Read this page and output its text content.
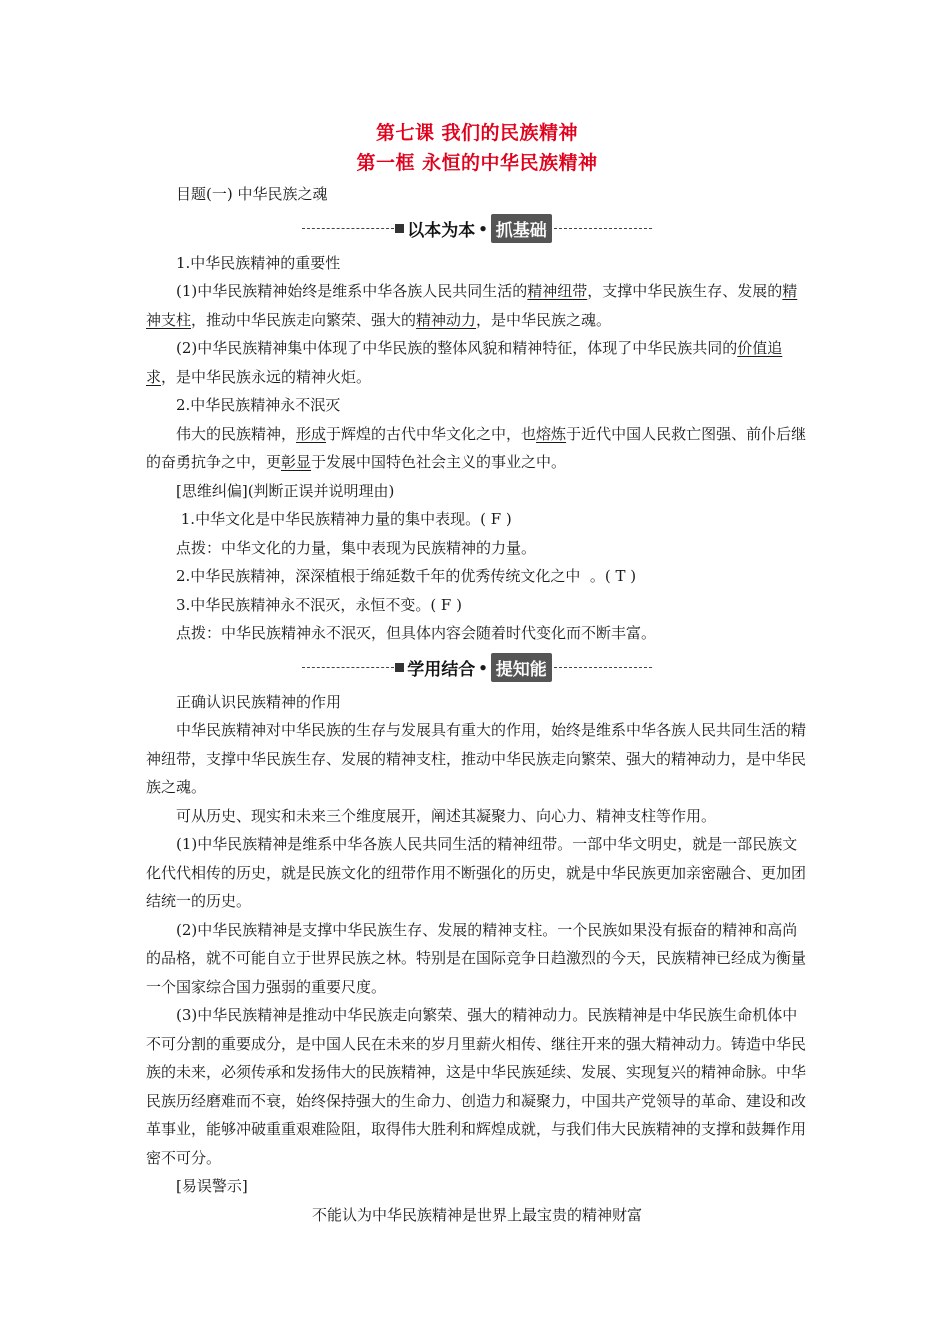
第七课 我们的民族精神
第一框 永恒的中华民族精神

目题(一) 中华民族之魂

以本为本 • 抓基础

1.中华民族精神的重要性

(1)中华民族精神始终是维系中华各族人民共同生活的精神纽带，支撑中华民族生存、发展的精神支柱，推动中华民族走向繁荣、强大的精神动力，是中华民族之魂。

(2)中华民族精神集中体现了中华民族的整体风貌和精神特征，体现了中华民族共同的价值追求，是中华民族永远的精神火炬。

2.中华民族精神永不泯灭

伟大的民族精神，形成于辉煌的古代中华文化之中，也熔炼于近代中国人民救亡图强、前仆后继的奋勇抗争之中，更彰显于发展中国特色社会主义的事业之中。

[思维纠偏](判断正误并说明理由)

1.中华文化是中华民族精神力量的集中表现。( F )

点拨：中华文化的力量，集中表现为民族精神的力量。

2.中华民族精神，深深植根于绵延数千年的优秀传统文化之中  。( T )

3.中华民族精神永不泯灭，永恒不变。( F )

点拨：中华民族精神永不泯灭，但具体内容会随着时代变化而不断丰富。

学用结合 • 提知能

正确认识民族精神的作用

中华民族精神对中华民族的生存与发展具有重大的作用，始终是维系中华各族人民共同生活的精神纽带，支撑中华民族生存、发展的精神支柱，推动中华民族走向繁荣、强大的精神动力，是中华民族之魂。

可从历史、现实和未来三个维度展开，阐述其凝聚力、向心力、精神支柱等作用。

(1)中华民族精神是维系中华各族人民共同生活的精神纽带。一部中华文明史，就是一部民族文化代代相传的历史，就是民族文化的纽带作用不断强化的历史，就是中华民族更加亲密融合、更加团结统一的历史。

(2)中华民族精神是支撑中华民族生存、发展的精神支柱。一个民族如果没有振奋的精神和高尚的品格，就不可能自立于世界民族之林。特别是在国际竞争日趋激烈的今天，民族精神已经成为衡量一个国家综合国力强弱的重要尺度。

(3)中华民族精神是推动中华民族走向繁荣、强大的精神动力。民族精神是中华民族生命机体中不可分割的重要成分，是中国人民在未来的岁月里薪火相传、继往开来的强大精神动力。铸造中华民族的未来，必须传承和发扬伟大的民族精神，这是中华民族延续、发展、实现复兴的精神命脉。中华民族历经磨难而不衰，始终保持强大的生命力、创造力和凝聚力，中国共产党领导的革命、建设和改革事业，能够冲破重重艰难险阻，取得伟大胜利和辉煌成就，与我们伟大民族精神的支撑和鼓舞作用密不可分。

[易误警示]

不能认为中华民族精神是世界上最宝贵的精神财富
